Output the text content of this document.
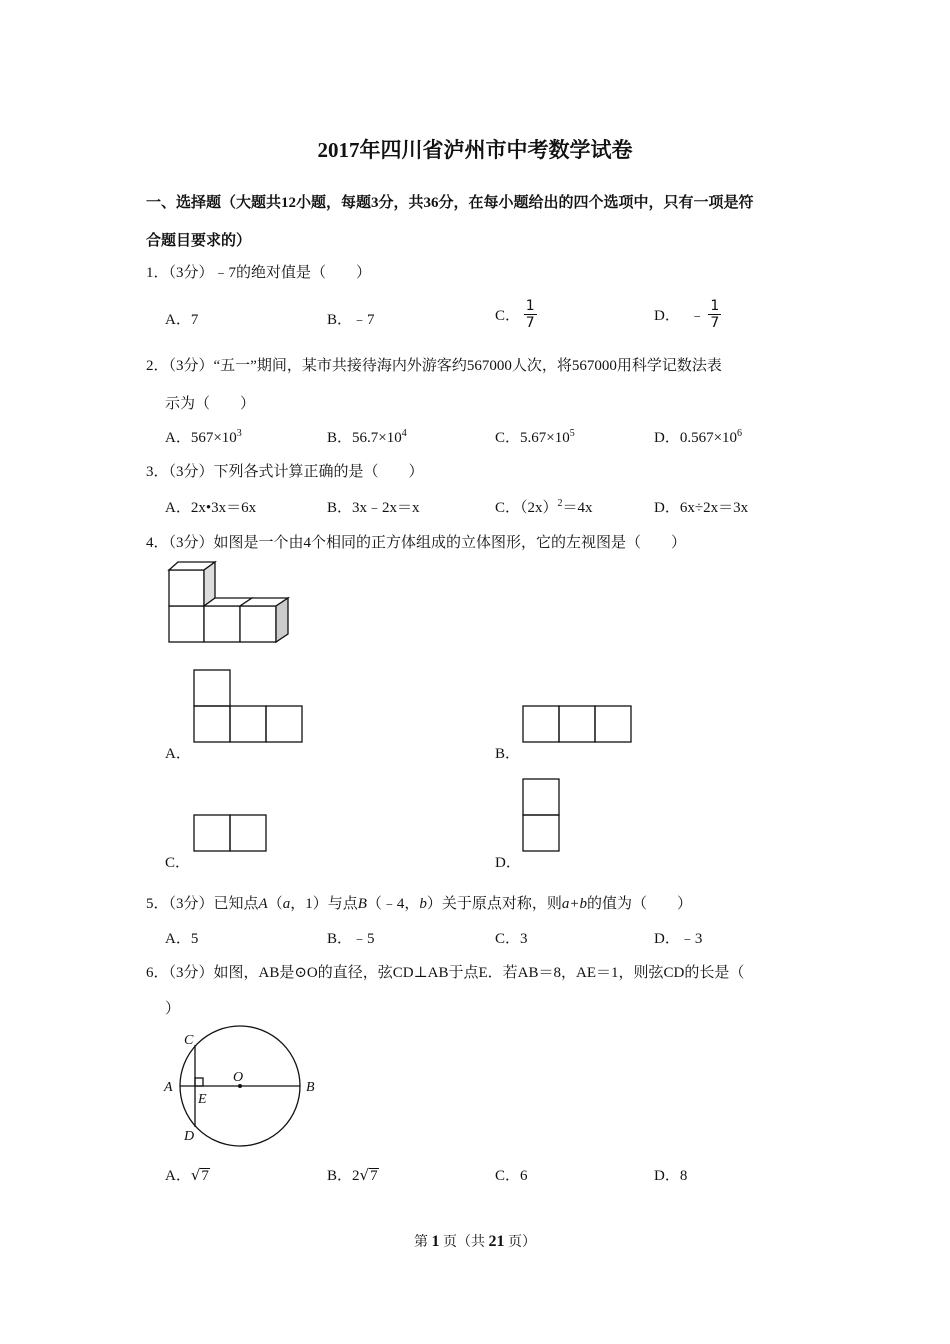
2017年四川省泸州市中考数学试卷
一、选择题（大题共12小题，每题3分，共36分，在每小题给出的四个选项中，只有一项是符
合题目要求的）
1．（3分）﹣7的绝对值是（　　）
A．7	B．﹣7	C． $\frac{1}{7}$	D． ﹣ $\frac{1}{7}$
2．（3分）“五一”期间，某市共接待海内外游客约567000人次，将567000用科学记数法表
示为（　　）
A．$567\times 10^3$	B．$56.7\times 10^4$	C．$5.67\times 10^5$	D．$0.567\times 10^6$
3．（3分）下列各式计算正确的是（　　）
A．2x•3x＝6x	B．3x﹣2x＝x	C．$(2x)^2=4x$	D．6x÷2x＝3x
4．（3分）如图是一个由4个相同的正方体组成的立体图形，它的左视图是（　　）
A．	B．
C．	D．
5．（3分）已知点A（a，1）与点B（﹣4，b）关于原点对称，则a+b的值为（　　）
A．5	B．﹣5	C．3	D．﹣3
6．（3分）如图，AB是⊙O的直径，弦CD⊥AB于点E．若AB＝8，AE＝1，则弦CD的长是（
）
C
A
O
B
E
D
A．√7	B．2√7	C．6	D．8
第 1 页（共 21 页）
